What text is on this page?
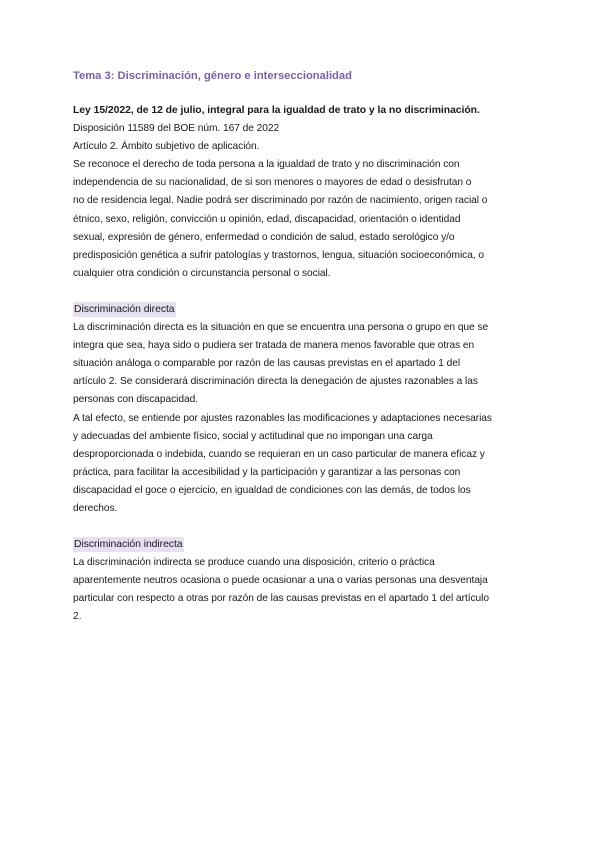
Tema 3: Discriminación, género e interseccionalidad

Ley 15/2022, de 12 de julio, integral para la igualdad de trato y la no discriminación.

Disposición 11589 del BOE núm. 167 de 2022

Artículo 2. Ámbito subjetivo de aplicación.

Se reconoce el derecho de toda persona a la igualdad de trato y no discriminación con
independencia de su nacionalidad, de si son menores o mayores de edad o desisfrutan o
no de residencia legal. Nadie podrá ser discriminado por razón de nacimiento, origen racial o
étnico, sexo, religión, convicción u opinión, edad, discapacidad, orientación o identidad
sexual, expresión de género, enfermedad o condición de salud, estado serológico y/o
predisposición genética a sufrir patologías y trastornos, lengua, situación socioeconómica, o
cualquier otra condición o circunstancia personal o social.
Discriminación directa
La discriminación directa es la situación en que se encuentra una persona o grupo en que se
integra que sea, haya sido o pudiera ser tratada de manera menos favorable que otras en
situación análoga o comparable por razón de las causas previstas en el apartado 1 del
artículo 2. Se considerará discriminación directa la denegación de ajustes razonables a las
personas con discapacidad.
A tal efecto, se entiende por ajustes razonables las modificaciones y adaptaciones necesarias
y adecuadas del ambiente físico, social y actitudinal que no impongan una carga
desproporcionada o indebida, cuando se requieran en un caso particular de manera eficaz y
práctica, para facilitar la accesibilidad y la participación y garantizar a las personas con
discapacidad el goce o ejercicio, en igualdad de condiciones con las demás, de todos los
derechos.
Discriminación indirecta
La discriminación indirecta se produce cuando una disposición, criterio o práctica
aparentemente neutros ocasiona o puede ocasionar a una o varias personas una desventaja
particular con respecto a otras por razón de las causas previstas en el apartado 1 del artículo
2.
